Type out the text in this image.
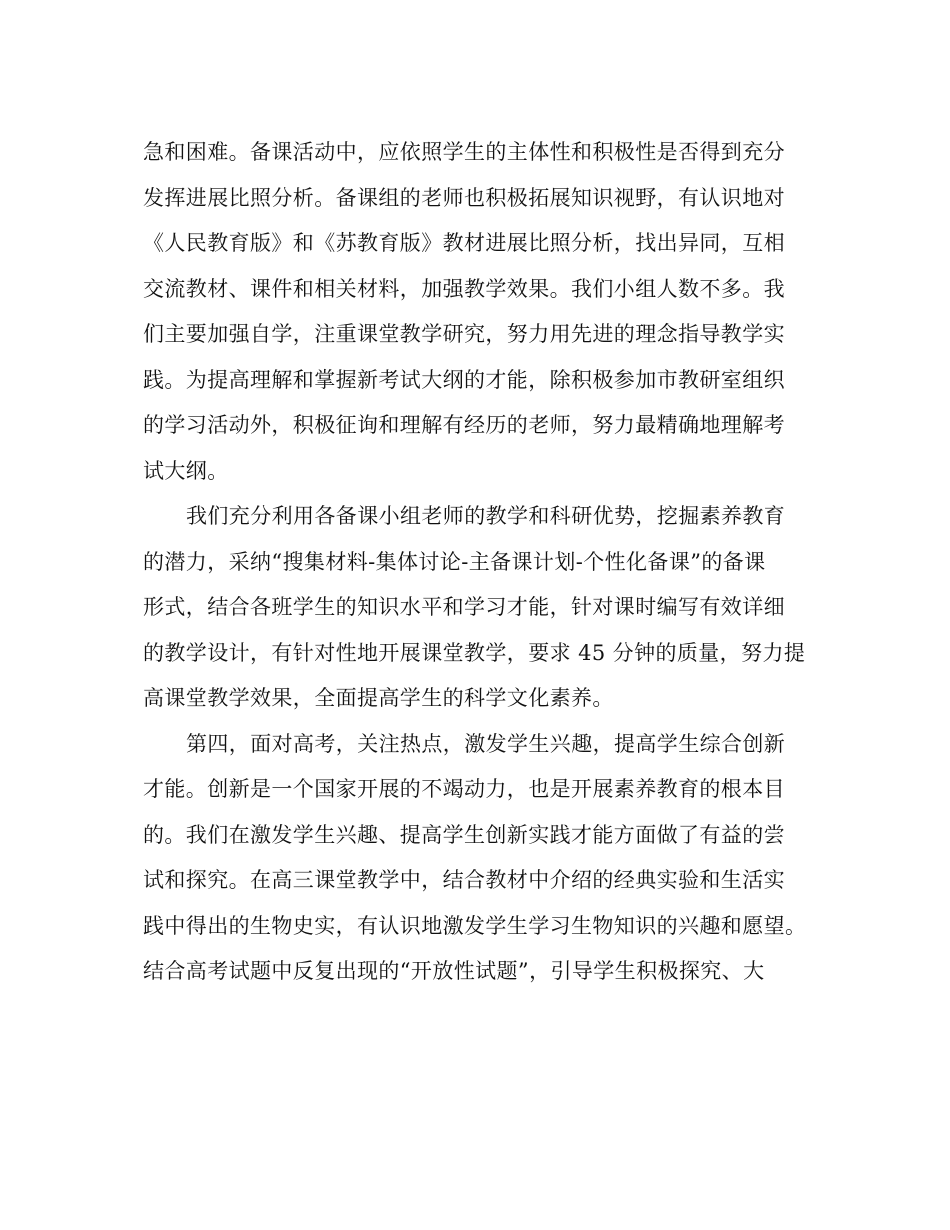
急和困难。备课活动中，应依照学生的主体性和积极性是否得到充分
发挥进展比照分析。备课组的老师也积极拓展知识视野，有认识地对
《人民教育版》和《苏教育版》教材进展比照分析，找出异同，互相
交流教材、课件和相关材料，加强教学效果。我们小组人数不多。我
们主要加强自学，注重课堂教学研究，努力用先进的理念指导教学实
践。为提高理解和掌握新考试大纲的才能，除积极参加市教研室组织
的学习活动外，积极征询和理解有经历的老师，努力最精确地理解考
试大纲。
我们充分利用各备课小组老师的教学和科研优势，挖掘素养教育
的潜力，采纳“搜集材料-集体讨论-主备课计划-个性化备课”的备课
形式，结合各班学生的知识水平和学习才能，针对课时编写有效详细
的教学设计，有针对性地开展课堂教学，要求 45 分钟的质量，努力提
高课堂教学效果，全面提高学生的科学文化素养。
第四，面对高考，关注热点，激发学生兴趣，提高学生综合创新
才能。创新是一个国家开展的不竭动力，也是开展素养教育的根本目
的。我们在激发学生兴趣、提高学生创新实践才能方面做了有益的尝
试和探究。在高三课堂教学中，结合教材中介绍的经典实验和生活实
践中得出的生物史实，有认识地激发学生学习生物知识的兴趣和愿望。
结合高考试题中反复出现的“开放性试题”，引导学生积极探究、大
